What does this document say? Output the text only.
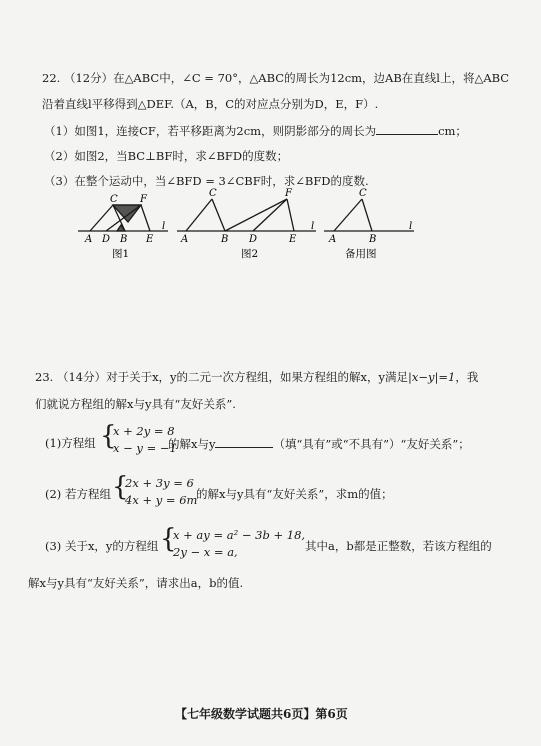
22. （12分）在△ABC中，∠C = 70°，△ABC的周长为12cm，边AB在直线l上，将△ABC
沿着直线l平移得到△DEF.（A，B，C的对应点分别为D，E，F）.
（1）如图1，连接CF，若平移距离为2cm，则阴影部分的周长为	cm；
（2）如图2，当BC⊥BF时，求∠BFD的度数；
（3）在整个运动中，当∠BFD = 3∠CBF时，求∠BFD的度数.
C F
A D B E
l
图1
C	F
A	B D	E
l
图2
C
A	B
l
备用图
23. （14分）对于关于x，y的二元一次方程组，如果方程组的解x，y满足|x−y|=1，我
们就说方程组的解x与y具有“友好关系”.
(1)方程组 {
x + 2y = 8
x − y = −1
的解x与y	（填“具有”或“不具有”）“友好关系”；
(2) 若方程组 {
2x + 3y = 6
4x + y = 6m
的解x与y具有“友好关系”，求m的值；
(3) 关于x，y的方程组 {
x + ay = a² − 3b + 18,
2y − x = a,	其中a，b都是正整数，若该方程组的
解x与y具有“友好关系”，请求出a，b的值.
【七年级数学试题共6页】第6页
